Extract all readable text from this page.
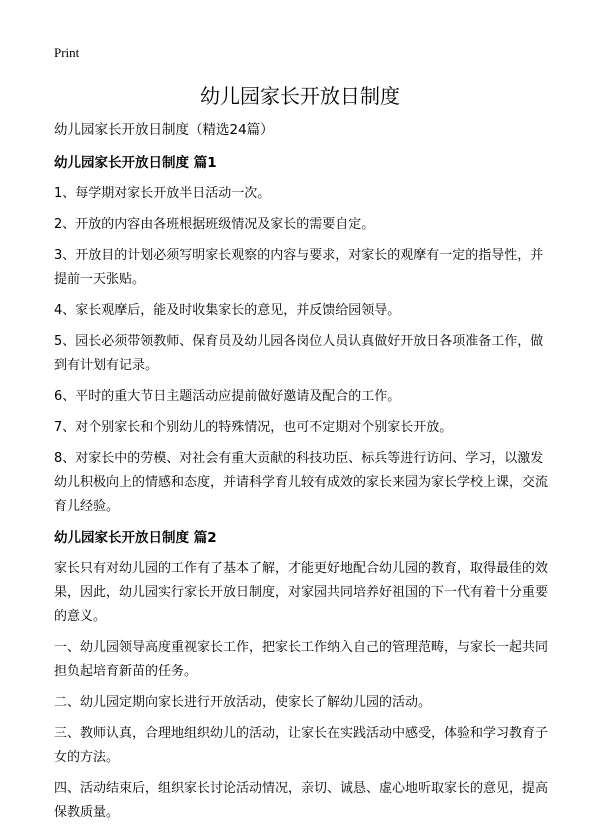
Print
幼儿园家长开放日制度

幼儿园家长开放日制度（精选24篇）

幼儿园家长开放日制度 篇1

1、每学期对家长开放半日活动一次。

2、开放的内容由各班根据班级情况及家长的需要自定。

3、开放目的计划必须写明家长观察的内容与要求，对家长的观摩有一定的指导性，并提前一天张贴。

4、家长观摩后，能及时收集家长的意见，并反馈给园领导。

5、园长必须带领教师、保育员及幼儿园各岗位人员认真做好开放日各项准备工作，做到有计划有记录。

6、平时的重大节日主题活动应提前做好邀请及配合的工作。

7、对个别家长和个别幼儿的特殊情况，也可不定期对个别家长开放。

8、对家长中的劳模、对社会有重大贡献的科技功臣、标兵等进行访问、学习，以激发幼儿积极向上的情感和态度，并请科学育儿较有成效的家长来园为家长学校上课，交流育儿经验。

幼儿园家长开放日制度 篇2

家长只有对幼儿园的工作有了基本了解，才能更好地配合幼儿园的教育，取得最佳的效果，因此，幼儿园实行家长开放日制度，对家园共同培养好祖国的下一代有着十分重要的意义。

一、幼儿园领导高度重视家长工作，把家长工作纳入自己的管理范畴，与家长一起共同担负起培育新苗的任务。

二、幼儿园定期向家长进行开放活动，使家长了解幼儿园的活动。

三、教师认真，合理地组织幼儿的活动，让家长在实践活动中感受，体验和学习教育子女的方法。

四、活动结束后，组织家长讨论活动情况，亲切、诚恳、虚心地听取家长的意见，提高保教质量。
